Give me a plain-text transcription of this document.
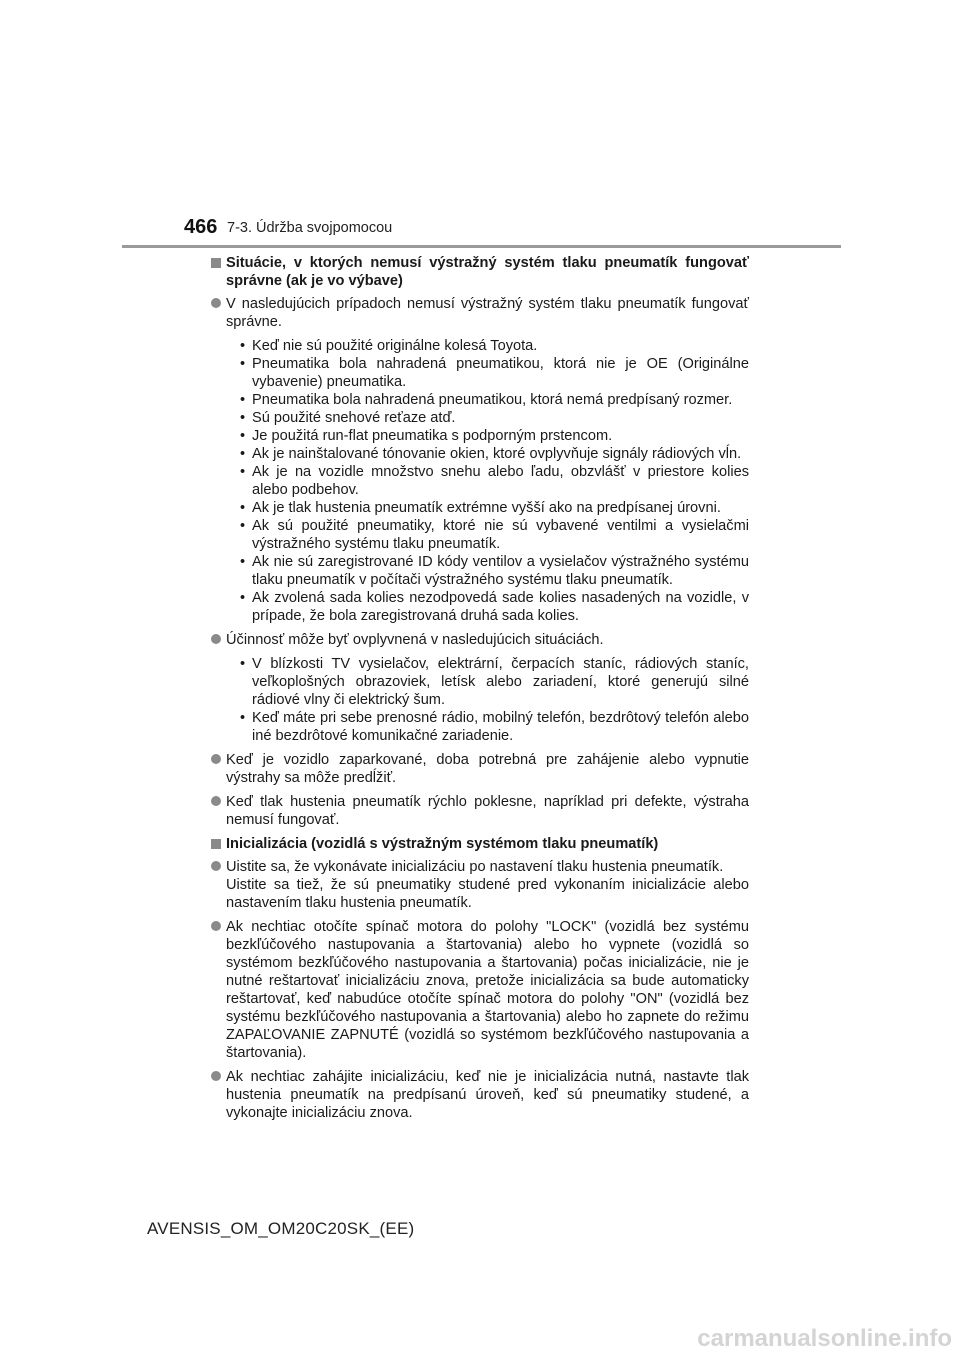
466 7-3. Údržba svojpomocou
Situácie, v ktorých nemusí výstražný systém tlaku pneumatík fungovať správne (ak je vo výbave)
V nasledujúcich prípadoch nemusí výstražný systém tlaku pneumatík fungovať správne.
• Keď nie sú použité originálne kolesá Toyota.
• Pneumatika bola nahradená pneumatikou, ktorá nie je OE (Originálne vybavenie) pneumatika.
• Pneumatika bola nahradená pneumatikou, ktorá nemá predpísaný rozmer.
• Sú použité snehové reťaze atď.
• Je použitá run-flat pneumatika s podporným prstencom.
• Ak je nainštalované tónovanie okien, ktoré ovplyvňuje signály rádiových vĺn.
• Ak je na vozidle množstvo snehu alebo ľadu, obzvlášť v priestore kolies alebo podbehov.
• Ak je tlak hustenia pneumatík extrémne vyšší ako na predpísanej úrovni.
• Ak sú použité pneumatiky, ktoré nie sú vybavené ventilmi a vysielačmi výstražného systému tlaku pneumatík.
• Ak nie sú zaregistrované ID kódy ventilov a vysielačov výstražného systému tlaku pneumatík v počítači výstražného systému tlaku pneumatík.
• Ak zvolená sada kolies nezodpovedá sade kolies nasadených na vozidle, v prípade, že bola zaregistrovaná druhá sada kolies.
Účinnosť môže byť ovplyvnená v nasledujúcich situáciách.
• V blízkosti TV vysielačov, elektrární, čerpacích staníc, rádiových staníc, veľkoplošných obrazoviek, letísk alebo zariadení, ktoré generujú silné rádiové vlny či elektrický šum.
• Keď máte pri sebe prenosné rádio, mobilný telefón, bezdrôtový telefón alebo iné bezdrôtové komunikačné zariadenie.
Keď je vozidlo zaparkované, doba potrebná pre zahájenie alebo vypnutie výstrahy sa môže predĺžiť.
Keď tlak hustenia pneumatík rýchlo poklesne, napríklad pri defekte, výstraha nemusí fungovať.
Inicializácia (vozidlá s výstražným systémom tlaku pneumatík)
Uistite sa, že vykonávate inicializáciu po nastavení tlaku hustenia pneumatík.
Uistite sa tiež, že sú pneumatiky studené pred vykonaním inicializácie alebo nastavením tlaku hustenia pneumatík.
Ak nechtiac otočíte spínač motora do polohy "LOCK" (vozidlá bez systému bezkľúčového nastupovania a štartovania) alebo ho vypnete (vozidlá so systémom bezkľúčového nastupovania a štartovania) počas inicializácie, nie je nutné reštartovať inicializáciu znova, pretože inicializácia sa bude automaticky reštartovať, keď nabudúce otočíte spínač motora do polohy "ON" (vozidlá bez systému bezkľúčového nastupovania a štartovania) alebo ho zapnete do režimu ZAPAĽOVANIE ZAPNUTÉ (vozidlá so systémom bezkľúčového nastupovania a štartovania).
Ak nechtiac zahájite inicializáciu, keď nie je inicializácia nutná, nastavte tlak hustenia pneumatík na predpísanú úroveň, keď sú pneumatiky studené, a vykonajte inicializáciu znova.
AVENSIS_OM_OM20C20SK_(EE)
carmanualsonline.info
